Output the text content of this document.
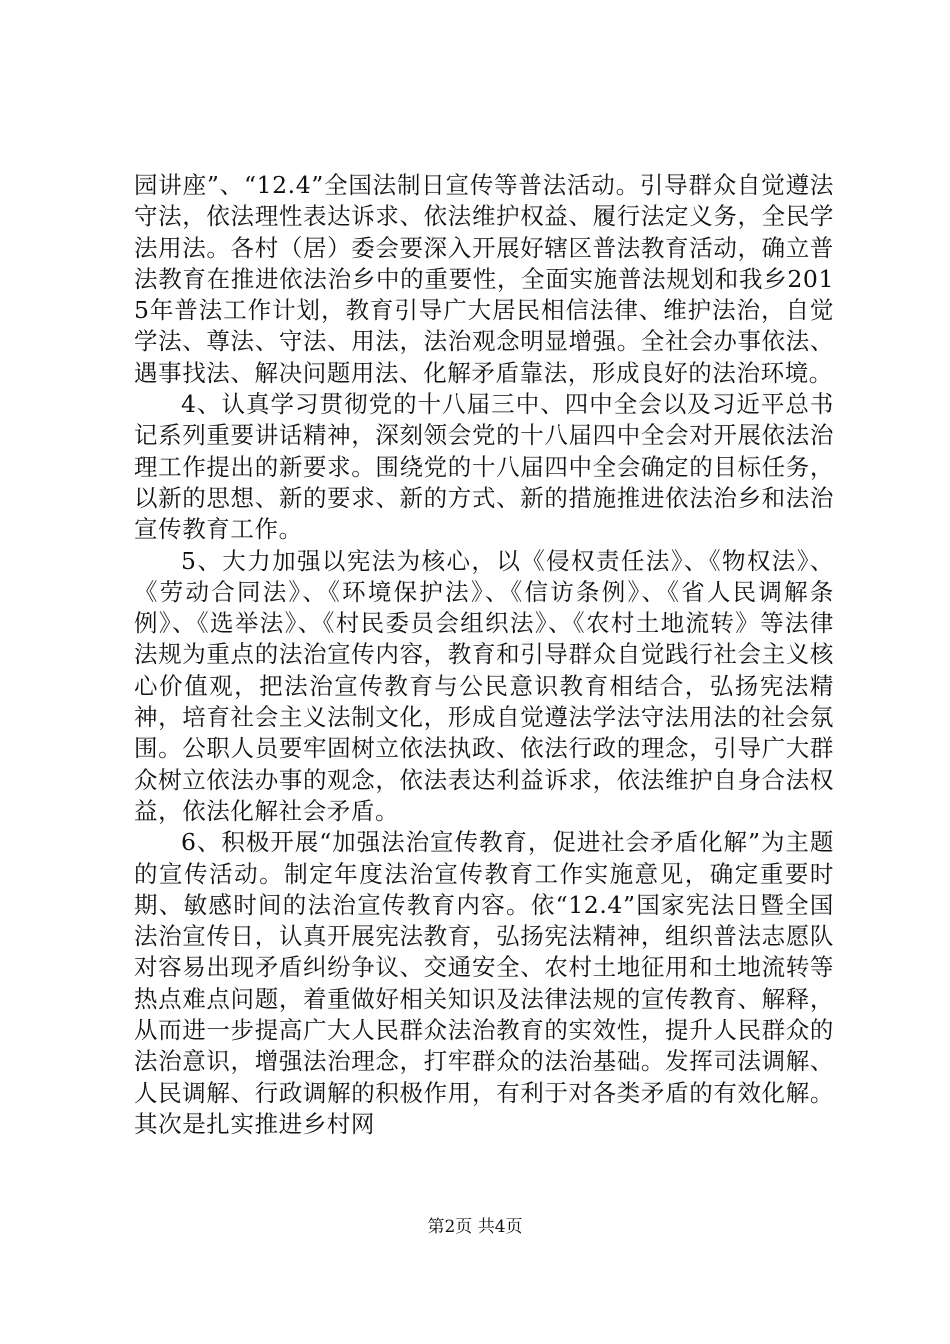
园讲座”、“12.4”全国法制日宣传等普法活动。引导群众自觉遵法守法，依法理性表达诉求、依法维护权益、履行法定义务，全民学法用法。各村（居）委会要深入开展好辖区普法教育活动，确立普法教育在推进依法治乡中的重要性，全面实施普法规划和我乡2015年普法工作计划，教育引导广大居民相信法律、维护法治，自觉学法、尊法、守法、用法，法治观念明显增强。全社会办事依法、遇事找法、解决问题用法、化解矛盾靠法，形成良好的法治环境。

4、认真学习贯彻党的十八届三中、四中全会以及习近平总书记系列重要讲话精神，深刻领会党的十八届四中全会对开展依法治理工作提出的新要求。围绕党的十八届四中全会确定的目标任务，以新的思想、新的要求、新的方式、新的措施推进依法治乡和法治宣传教育工作。

5、大力加强以宪法为核心，以《侵权责任法》、《物权法》、《劳动合同法》、《环境保护法》、《信访条例》、《省人民调解条例》、《选举法》、《村民委员会组织法》、《农村土地流转》等法律法规为重点的法治宣传内容，教育和引导群众自觉践行社会主义核心价值观，把法治宣传教育与公民意识教育相结合，弘扬宪法精神，培育社会主义法制文化，形成自觉遵法学法守法用法的社会氛围。公职人员要牢固树立依法执政、依法行政的理念，引导广大群众树立依法办事的观念，依法表达利益诉求，依法维护自身合法权益，依法化解社会矛盾。

6、积极开展“加强法治宣传教育，促进社会矛盾化解”为主题的宣传活动。制定年度法治宣传教育工作实施意见，确定重要时期、敏感时间的法治宣传教育内容。依“12.4”国家宪法日暨全国法治宣传日，认真开展宪法教育，弘扬宪法精神，组织普法志愿队对容易出现矛盾纠纷争议、交通安全、农村土地征用和土地流转等热点难点问题，着重做好相关知识及法律法规的宣传教育、解释，从而进一步提高广大人民群众法治教育的实效性，提升人民群众的法治意识，增强法治理念，打牢群众的法治基础。发挥司法调解、人民调解、行政调解的积极作用，有利于对各类矛盾的有效化解。其次是扎实推进乡村网

第2页 共4页
